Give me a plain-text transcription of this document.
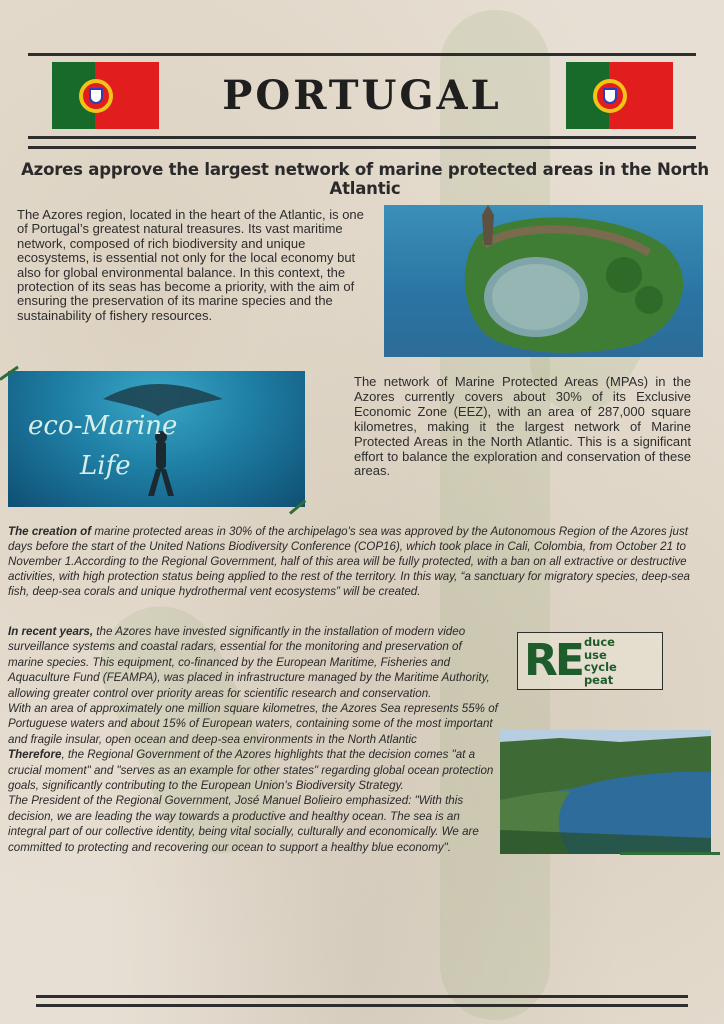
PORTUGAL
Azores approve the largest network of marine protected areas in the North Atlantic
The Azores region, located in the heart of the Atlantic, is one of Portugal’s greatest natural treasures. Its vast maritime network, composed of rich biodiversity and unique ecosystems, is essential not only for the local economy but also for global environmental balance. In this context, the protection of its seas has become a priority, with the aim of ensuring the preservation of its marine species and the sustainability of fishery resources.
eco-Marine
Life
The network of Marine Protected Areas (MPAs) in the Azores currently covers about 30% of its Exclusive Economic Zone (EEZ), with an area of 287,000 square kilometres, making it the largest network of Marine Protected Areas in the North Atlantic. This is a significant effort to balance the exploration and conservation of these areas.
The creation of marine protected areas in 30% of the archipelago's sea was approved by the Autonomous Region of the Azores just days before the start of the United Nations Biodiversity Conference (COP16), which took place in Cali, Colombia, from October 21 to November 1.According to the Regional Government, half of this area will be fully protected, with a ban on all extractive or destructive activities, with high protection status being applied to the rest of the territory. In this way, “a sanctuary for migratory species, deep-sea fish, deep-sea corals and unique hydrothermal vent ecosystems” will be created.

In recent years, the Azores have invested significantly in the installation of modern video surveillance systems and coastal radars, essential for the monitoring and preservation of marine species. This equipment, co-financed by the European Maritime, Fisheries and Aquaculture Fund (FEAMPA), was placed in infrastructure managed by the Maritime Authority, allowing greater control over priority areas for scientific research and conservation.

With an area of approximately one million square kilometres, the Azores Sea represents 55% of Portuguese waters and about 15% of European waters, containing some of the most important and fragile insular, open ocean and deep-sea environments in the North Atlantic

Therefore, the Regional Government of the Azores highlights that the decision comes "at a crucial moment" and "serves as an example for other states" regarding global ocean protection goals, significantly contributing to the European Union's Biodiversity Strategy.

The President of the Regional Government, José Manuel Bolieiro emphasized: "With this decision, we are leading the way towards a productive and healthy ocean. The sea is an integral part of our collective identity, being vital socially, culturally and economically. We are committed to protecting and recovering our ocean to support a healthy blue economy".

RE duce
use
cycle
peat
